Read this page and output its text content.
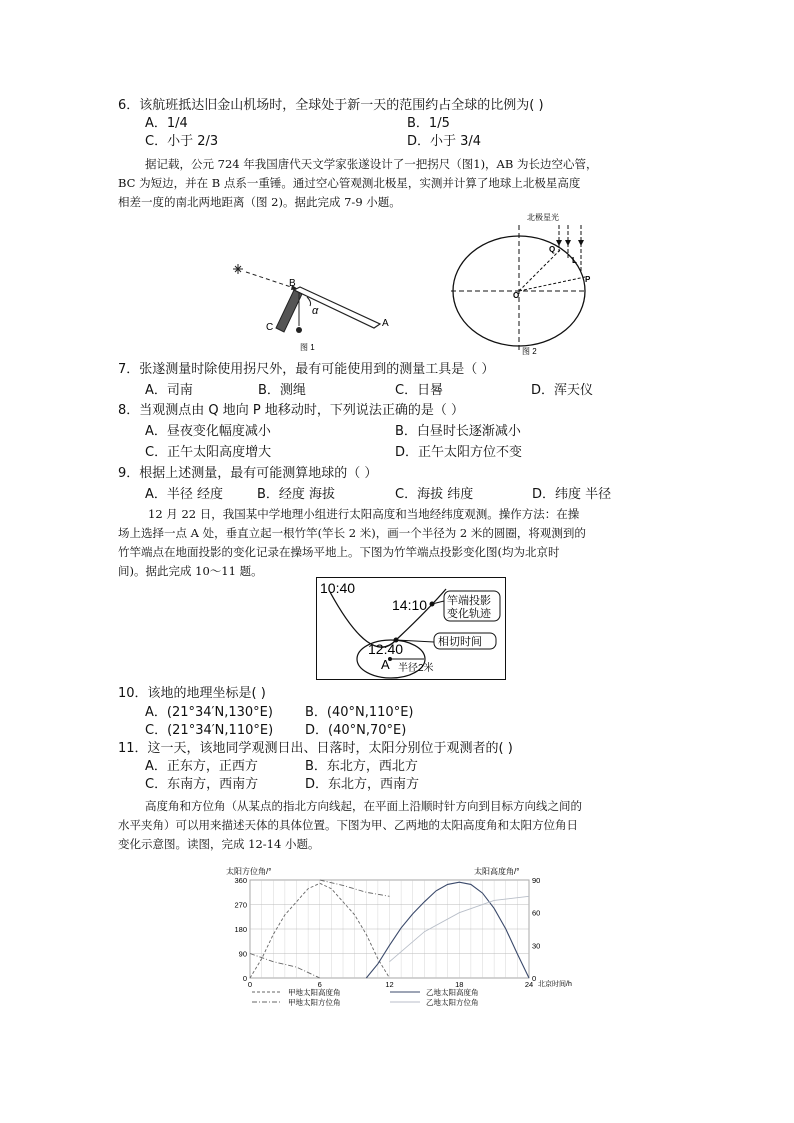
6．该航班抵达旧金山机场时，全球处于新一天的范围约占全球的比例为( )
A．1/4	B．1/5
C．小于 2/3	D．小于 3/4
据记载，公元 724 年我国唐代天文学家张遂设计了一把拐尺（图1)，AB 为长边空心管，
BC 为短边，并在 B 点系一重锤。通过空心管观测北极星，实测并计算了地球上北极星高度
相差一度的南北两地距离（图 2)。据此完成 7-9 小题。
B
A
C
α
图 1
北极星光
Q
L
P
O
图 2
7．张遂测量时除使用拐尺外，最有可能使用到的测量工具是（ ）
A．司南	B．测绳	C．日晷	D．浑天仪
8．当观测点由 Q 地向 P 地移动时，下列说法正确的是（ ）
A．昼夜变化幅度减小	B．白昼时长逐渐减小
C．正午太阳高度增大	D．正午太阳方位不变
9．根据上述测量，最有可能测算地球的（ ）
A．半径 经度	B．经度 海拔	C．海拔 纬度	D．纬度 半径
12 月 22 日，我国某中学地理小组进行太阳高度和当地经纬度观测。操作方法：在操
场上选择一点 A 处，垂直立起一根竹竿(竿长 2 米)，画一个半径为 2 米的圆圈，将观测到的
竹竿端点在地面投影的变化记录在操场平地上。下图为竹竿端点投影变化图(均为北京时
间)。据此完成 10～11 题。
10:40
14:10
12:40
竿端投影
变化轨迹
相切时间
A 半径2米
10．该地的地理坐标是( )
A．(21°34′N,130°E) B．(40°N,110°E)
C．(21°34′N,110°E) D．(40°N,70°E)
11．这一天，该地同学观测日出、日落时，太阳分别位于观测者的( )
A．正东方，正西方	B．东北方，西北方
C．东南方，西南方	D．东北方，西南方
高度角和方位角（从某点的指北方向线起，在平面上沿顺时针方向到目标方向线之间的
水平夹角）可以用来描述天体的具体位置。下图为甲、乙两地的太阳高度角和太阳方位角日
变化示意图。读图，完成 12-14 小题。
太阳方位角/°	太阳高度角/°
北京时间/h
0
90
180
270
360
0
30
60
90
0	6	12	18	24
甲地太阳高度角	乙地太阳高度角
甲地太阳方位角	乙地太阳方位角
